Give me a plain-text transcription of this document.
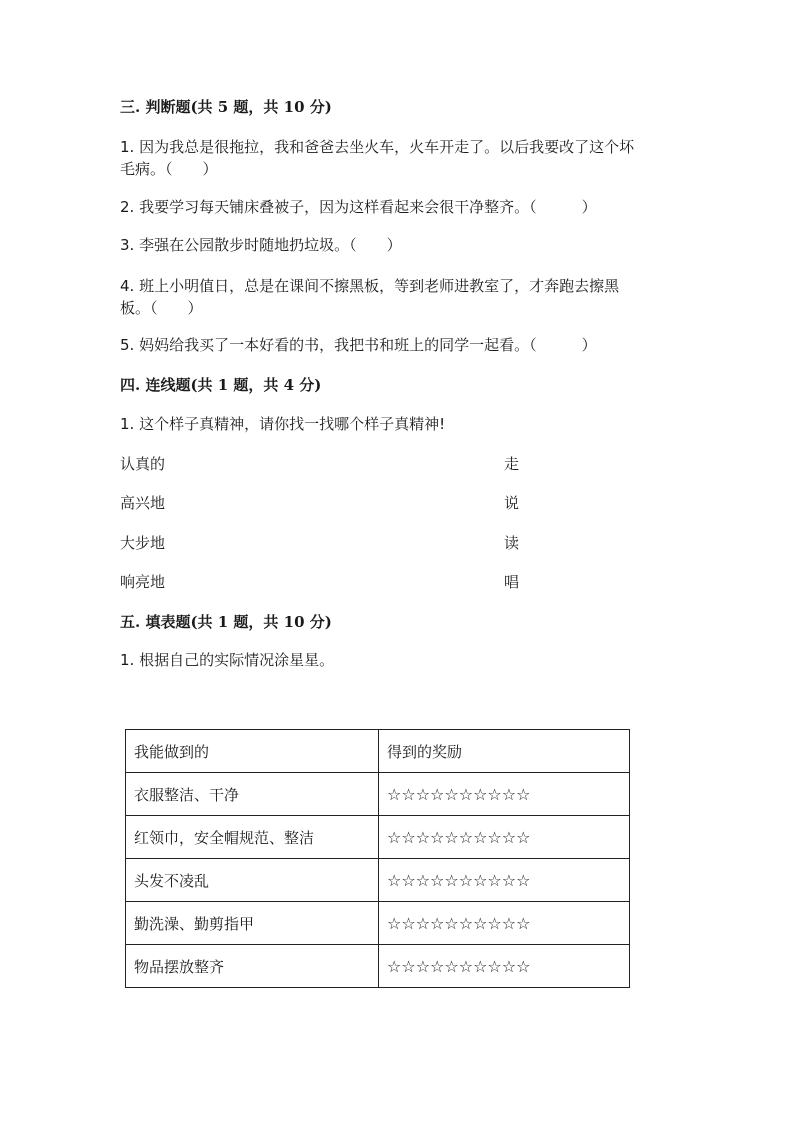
三. 判断题(共 5 题，共 10 分)
1. 因为我总是很拖拉，我和爸爸去坐火车，火车开走了。以后我要改了这个坏
毛病。（　　）
2. 我要学习每天铺床叠被子，因为这样看起来会很干净整齐。（　　　）
3. 李强在公园散步时随地扔垃圾。（　　）
4. 班上小明值日，总是在课间不擦黑板，等到老师进教室了，才奔跑去擦黑
板。（　　）
5. 妈妈给我买了一本好看的书，我把书和班上的同学一起看。（　　　）
四. 连线题(共 1 题，共 4 分)
1. 这个样子真精神，请你找一找哪个样子真精神!
认真的	走
高兴地	说
大步地	读
响亮地	唱
五. 填表题(共 1 题，共 10 分)
1. 根据自己的实际情况涂星星。
我能做到的	得到的奖励
衣服整洁、干净	☆☆☆☆☆☆☆☆☆☆
红领巾，安全帽规范、整洁	☆☆☆☆☆☆☆☆☆☆
头发不凌乱	☆☆☆☆☆☆☆☆☆☆
勤洗澡、勤剪指甲	☆☆☆☆☆☆☆☆☆☆
物品摆放整齐	☆☆☆☆☆☆☆☆☆☆
